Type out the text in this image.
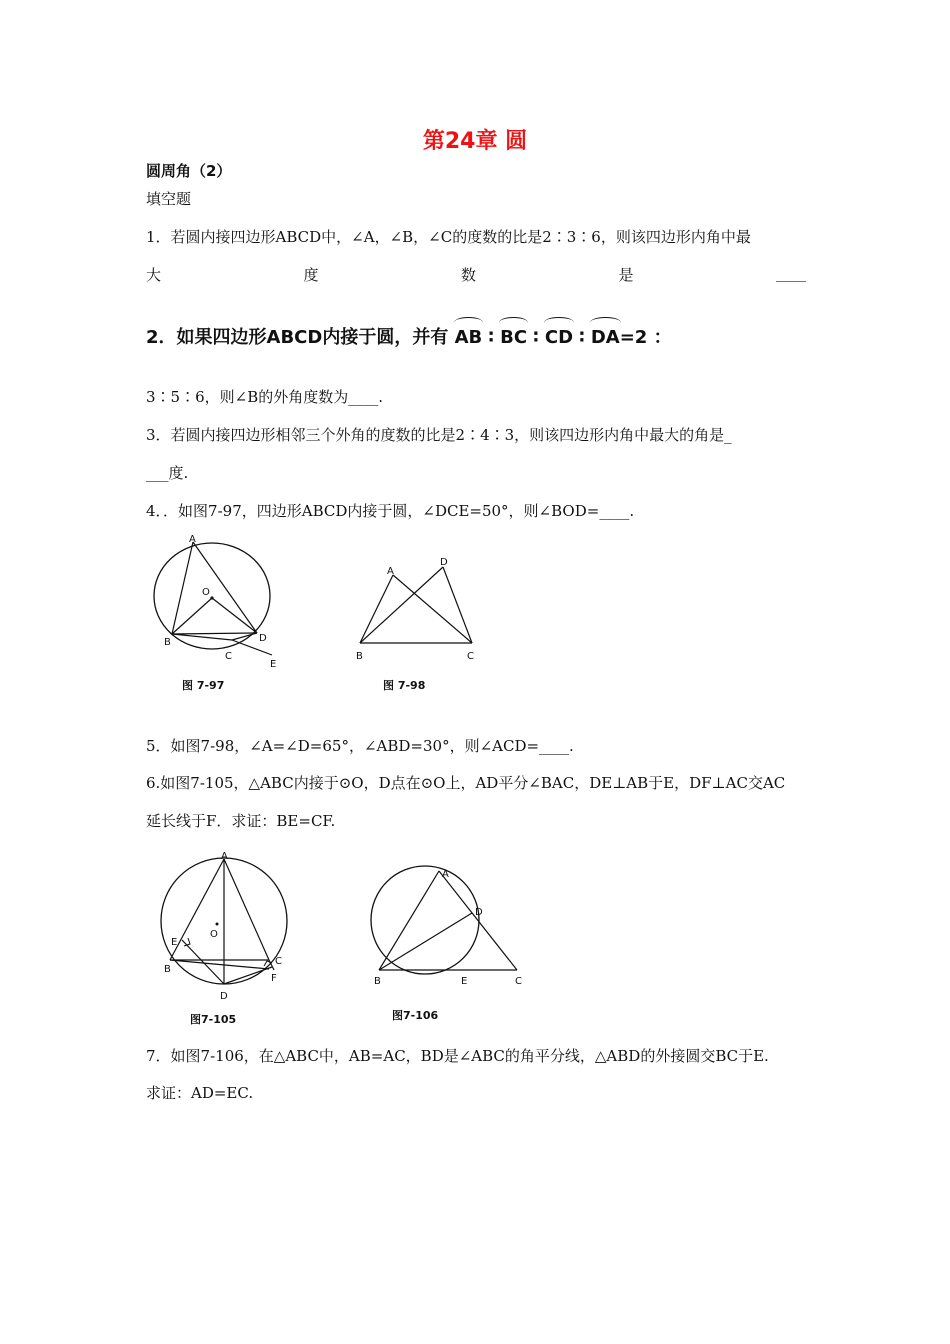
第24章 圆
圆周角（2）
填空题
1．若圆内接四边形ABCD中，∠A，∠B，∠C的度数的比是2∶3∶6，则该四边形内角中最
大	度	数	是	____
2．如果四边形ABCD内接于圆，并有 AB ∶ BC ∶ CD ∶ DA=2 ：
3∶5∶6，则∠B的外角度数为____.
3．若圆内接四边形相邻三个外角的度数的比是2∶4∶3，则该四边形内角中最大的角是_
___度.
4．．如图7-97，四边形ABCD内接于圆，∠DCE=50°，则∠BOD=____.
A
O
B
C
D
E
图 7-97
A
D
B	C
图 7-98
5．如图7-98，∠A=∠D=65°，∠ABD=30°，则∠ACD=____.
6.如图7-105，△ABC内接于⊙O，D点在⊙O上，AD平分∠BAC，DE⊥AB于E，DF⊥AC交AC
延长线于F．求证：BE=CF.
A
O
E
B
C
F
D
图7-105
A
D
B	E	C
图7-106
7．如图7-106，在△ABC中，AB=AC，BD是∠ABC的角平分线，△ABD的外接圆交BC于E.
求证：AD=EC.
